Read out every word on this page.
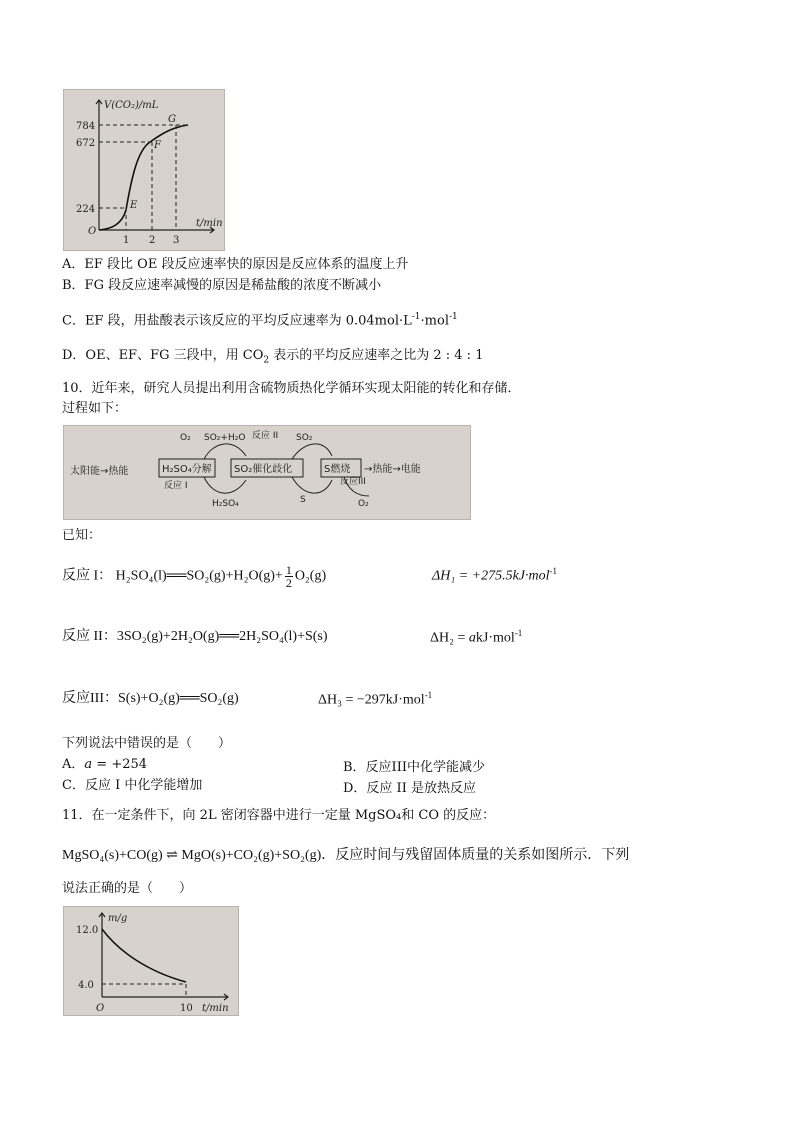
V(CO₂)/mL
t/min
O
784
672
224
1 2 3
E
F
G
A．EF 段比 OE 段反应速率快的原因是反应体系的温度上升
B．FG 段反应速率减慢的原因是稀盐酸的浓度不断减小
C．EF 段，用盐酸表示该反应的平均反应速率为 $0.04mol\cdot L^{-1}\cdot mol^{-1}$
D．OE、EF、FG 三段中，用 $CO_2$ 表示的平均反应速率之比为 2 : 4 : 1
10．近年来，研究人员提出利用含硫物质热化学循环实现太阳能的转化和存储．
过程如下：
太阳能→热能	H₂SO₄分解 SO₂催化歧化	S燃烧 →热能→电能
O₂ SO₂+H₂O 反应 II SO₂
反应 I	反应III
H₂SO₄	S	O₂
已知：
反应 I： H₂SO₄(l)══SO₂(g)+H₂O(g)+ $\frac{1}{2} O_2(g)$	ΔH₁ = +275.5kJ·mol$^{-1}$
反应 II：3SO₂(g)+2H₂O(g)══2H₂SO₄(l)+S(s)	ΔH₂ = akJ·mol$^{-1}$
反应III：S(s)+O₂(g)══SO₂(g)	ΔH₃ = −297kJ·mol$^{-1}$
下列说法中错误的是（　　）
A．a = +254	B．反应III中化学能减少
C．反应 I 中化学能增加	D．反应 II 是放热反应
11．在一定条件下，向 2L 密闭容器中进行一定量 MgSO₄和 CO 的反应：
MgSO₄(s)+CO(g) ⇌ MgO(s)+CO₂(g)+SO₂(g)．反应时间与残留固体质量的关系如图所示．下列
说法正确的是（　　）
m/g
t/min
O
12.0
4.0
10
